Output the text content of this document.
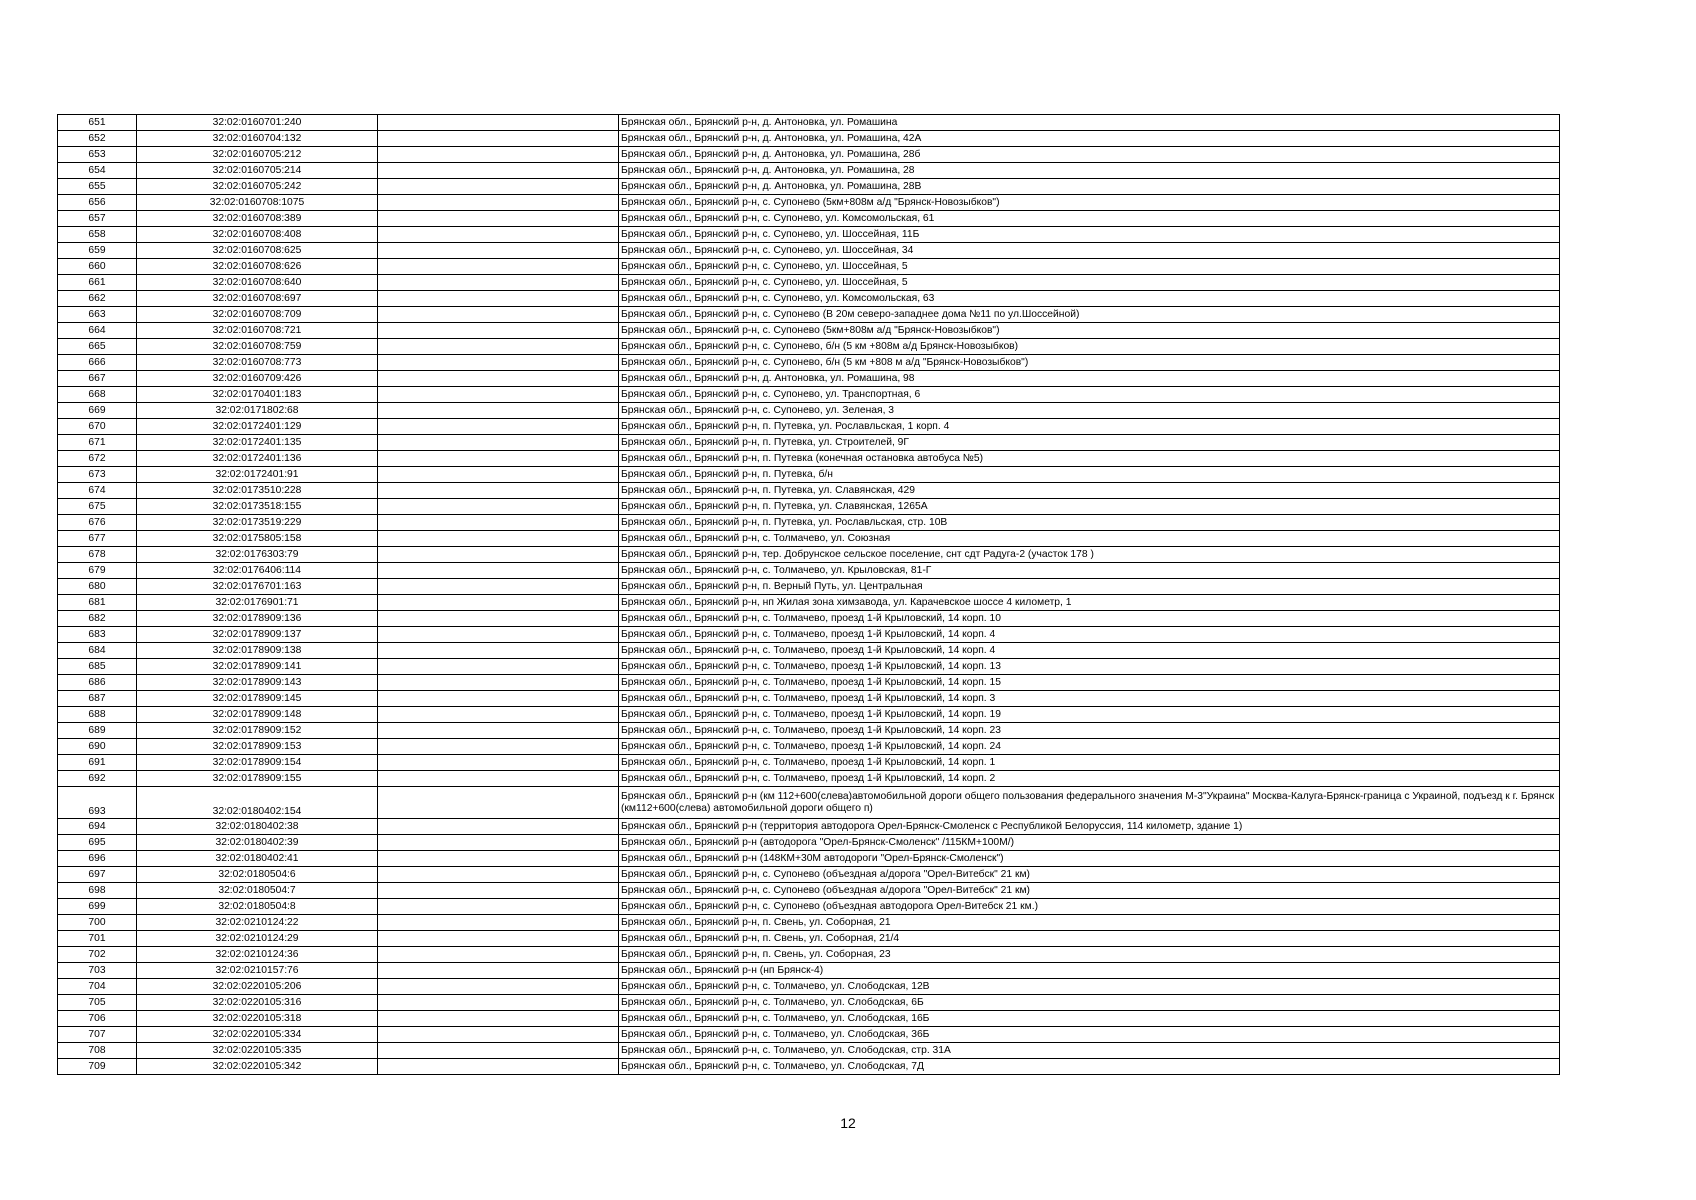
651	32:02:0160701:240		Брянская обл., Брянский р-н, д. Антоновка, ул. Ромашина
652	32:02:0160704:132		Брянская обл., Брянский р-н, д. Антоновка, ул. Ромашина, 42А
653	32:02:0160705:212		Брянская обл., Брянский р-н, д. Антоновка, ул. Ромашина, 28б
654	32:02:0160705:214		Брянская обл., Брянский р-н, д. Антоновка, ул. Ромашина, 28
655	32:02:0160705:242		Брянская обл., Брянский р-н, д. Антоновка, ул. Ромашина, 28В
656	32:02:0160708:1075		Брянская обл., Брянский р-н, с. Супонево (5км+808м а/д "Брянск-Новозыбков")
657	32:02:0160708:389		Брянская обл., Брянский р-н, с. Супонево, ул. Комсомольская, 61
658	32:02:0160708:408		Брянская обл., Брянский р-н, с. Супонево, ул. Шоссейная, 11Б
659	32:02:0160708:625		Брянская обл., Брянский р-н, с. Супонево, ул. Шоссейная, 34
660	32:02:0160708:626		Брянская обл., Брянский р-н, с. Супонево, ул. Шоссейная, 5
661	32:02:0160708:640		Брянская обл., Брянский р-н, с. Супонево, ул. Шоссейная, 5
662	32:02:0160708:697		Брянская обл., Брянский р-н, с. Супонево, ул. Комсомольская, 63
663	32:02:0160708:709		Брянская обл., Брянский р-н, с. Супонево (В 20м северо-западнее дома №11 по ул.Шоссейной)
664	32:02:0160708:721		Брянская обл., Брянский р-н, с. Супонево (5км+808м а/д "Брянск-Новозыбков")
665	32:02:0160708:759		Брянская обл., Брянский р-н, с. Супонево, б/н (5 км +808м а/д Брянск-Новозыбков)
666	32:02:0160708:773		Брянская обл., Брянский р-н, с. Супонево, б/н (5 км +808 м а/д "Брянск-Новозыбков")
667	32:02:0160709:426		Брянская обл., Брянский р-н, д. Антоновка, ул. Ромашина, 98
668	32:02:0170401:183		Брянская обл., Брянский р-н, с. Супонево, ул. Транспортная, 6
669	32:02:0171802:68		Брянская обл., Брянский р-н, с. Супонево, ул. Зеленая, 3
670	32:02:0172401:129		Брянская обл., Брянский р-н, п. Путевка, ул. Рославльская, 1 корп. 4
671	32:02:0172401:135		Брянская обл., Брянский р-н, п. Путевка, ул. Строителей, 9Г
672	32:02:0172401:136		Брянская обл., Брянский р-н, п. Путевка (конечная остановка автобуса №5)
673	32:02:0172401:91		Брянская обл., Брянский р-н, п. Путевка, б/н
674	32:02:0173510:228		Брянская обл., Брянский р-н, п. Путевка, ул. Славянская, 429
675	32:02:0173518:155		Брянская обл., Брянский р-н, п. Путевка, ул. Славянская, 1265А
676	32:02:0173519:229		Брянская обл., Брянский р-н, п. Путевка, ул. Рославльская, стр. 10В
677	32:02:0175805:158		Брянская обл., Брянский р-н, с. Толмачево, ул. Союзная
678	32:02:0176303:79		Брянская обл., Брянский р-н, тер. Добрунское сельское поселение, снт сдт Радуга-2 (участок 178 )
679	32:02:0176406:114		Брянская обл., Брянский р-н, с. Толмачево, ул. Крыловская, 81-Г
680	32:02:0176701:163		Брянская обл., Брянский р-н, п. Верный Путь, ул. Центральная
681	32:02:0176901:71		Брянская обл., Брянский р-н, нп Жилая зона химзавода, ул. Карачевское шоссе 4 километр, 1
682	32:02:0178909:136		Брянская обл., Брянский р-н, с. Толмачево, проезд 1-й Крыловский, 14 корп. 10
683	32:02:0178909:137		Брянская обл., Брянский р-н, с. Толмачево, проезд 1-й Крыловский, 14 корп. 4
684	32:02:0178909:138		Брянская обл., Брянский р-н, с. Толмачево, проезд 1-й Крыловский, 14 корп. 4
685	32:02:0178909:141		Брянская обл., Брянский р-н, с. Толмачево, проезд 1-й Крыловский, 14 корп. 13
686	32:02:0178909:143		Брянская обл., Брянский р-н, с. Толмачево, проезд 1-й Крыловский, 14 корп. 15
687	32:02:0178909:145		Брянская обл., Брянский р-н, с. Толмачево, проезд 1-й Крыловский, 14 корп. 3
688	32:02:0178909:148		Брянская обл., Брянский р-н, с. Толмачево, проезд 1-й Крыловский, 14 корп. 19
689	32:02:0178909:152		Брянская обл., Брянский р-н, с. Толмачево, проезд 1-й Крыловский, 14 корп. 23
690	32:02:0178909:153		Брянская обл., Брянский р-н, с. Толмачево, проезд 1-й Крыловский, 14 корп. 24
691	32:02:0178909:154		Брянская обл., Брянский р-н, с. Толмачево, проезд 1-й Крыловский, 14 корп. 1
692	32:02:0178909:155		Брянская обл., Брянский р-н, с. Толмачево, проезд 1-й Крыловский, 14 корп. 2
693	32:02:0180402:154		Брянская обл., Брянский р-н (км 112+600(слева)автомобильной дороги общего пользования федерального значения М-3"Украина" Москва-Калуга-Брянск-граница с Украиной, подъезд к г. Брянск (км112+600(слева) автомобильной дороги общего п)
694	32:02:0180402:38		Брянская обл., Брянский р-н (территория автодорога Орел-Брянск-Смоленск с Республикой Белоруссия, 114 километр, здание 1)
695	32:02:0180402:39		Брянская обл., Брянский р-н (автодорога "Орел-Брянск-Смоленск" /115КМ+100М/)
696	32:02:0180402:41		Брянская обл., Брянский р-н (148КМ+30М автодороги "Орел-Брянск-Смоленск")
697	32:02:0180504:6		Брянская обл., Брянский р-н, с. Супонево (объездная а/дорога "Орел-Витебск" 21 км)
698	32:02:0180504:7		Брянская обл., Брянский р-н, с. Супонево (объездная а/дорога "Орел-Витебск" 21 км)
699	32:02:0180504:8		Брянская обл., Брянский р-н, с. Супонево (объездная автодорога Орел-Витебск 21 км.)
700	32:02:0210124:22		Брянская обл., Брянский р-н, п. Свень, ул. Соборная, 21
701	32:02:0210124:29		Брянская обл., Брянский р-н, п. Свень, ул. Соборная, 21/4
702	32:02:0210124:36		Брянская обл., Брянский р-н, п. Свень, ул. Соборная, 23
703	32:02:0210157:76		Брянская обл., Брянский р-н (нп Брянск-4)
704	32:02:0220105:206		Брянская обл., Брянский р-н, с. Толмачево, ул. Слободская, 12В
705	32:02:0220105:316		Брянская обл., Брянский р-н, с. Толмачево, ул. Слободская, 6Б
706	32:02:0220105:318		Брянская обл., Брянский р-н, с. Толмачево, ул. Слободская, 16Б
707	32:02:0220105:334		Брянская обл., Брянский р-н, с. Толмачево, ул. Слободская, 36Б
708	32:02:0220105:335		Брянская обл., Брянский р-н, с. Толмачево, ул. Слободская, стр. 31А
709	32:02:0220105:342		Брянская обл., Брянский р-н, с. Толмачево, ул. Слободская, 7Д
12
